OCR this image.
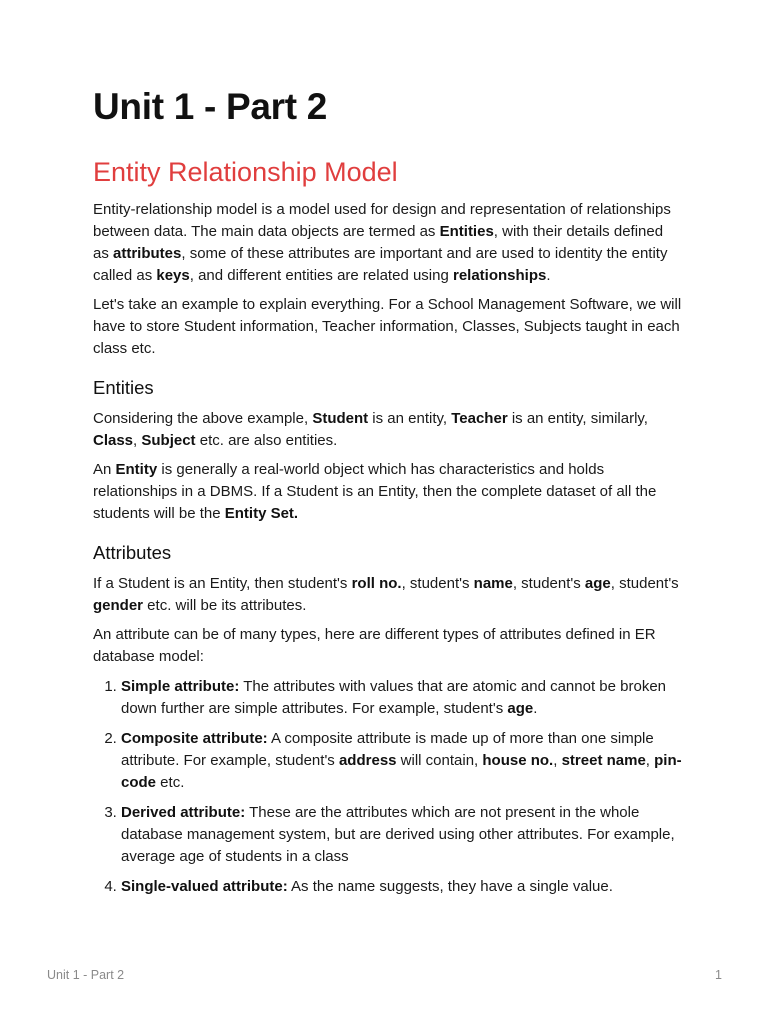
Unit 1 - Part 2
Entity Relationship Model

Entity-relationship model is a model used for design and representation of relationships between data. The main data objects are termed as Entities, with their details defined as attributes, some of these attributes are important and are used to identity the entity called as keys, and different entities are related using relationships.

Let's take an example to explain everything. For a School Management Software, we will have to store Student information, Teacher information, Classes, Subjects taught in each class etc.

Entities

Considering the above example, Student is an entity, Teacher is an entity, similarly, Class, Subject etc. are also entities.

An Entity is generally a real-world object which has characteristics and holds relationships in a DBMS. If a Student is an Entity, then the complete dataset of all the students will be the Entity Set.

Attributes

If a Student is an Entity, then student's roll no., student's name, student's age, student's gender etc. will be its attributes.

An attribute can be of many types, here are different types of attributes defined in ER database model:

1. Simple attribute: The attributes with values that are atomic and cannot be broken down further are simple attributes. For example, student's age.
2. Composite attribute: A composite attribute is made up of more than one simple attribute. For example, student's address will contain, house no., street name, pin-code etc.
3. Derived attribute: These are the attributes which are not present in the whole database management system, but are derived using other attributes. For example, average age of students in a class
4. Single-valued attribute: As the name suggests, they have a single value.
Unit 1 - Part 2	1
